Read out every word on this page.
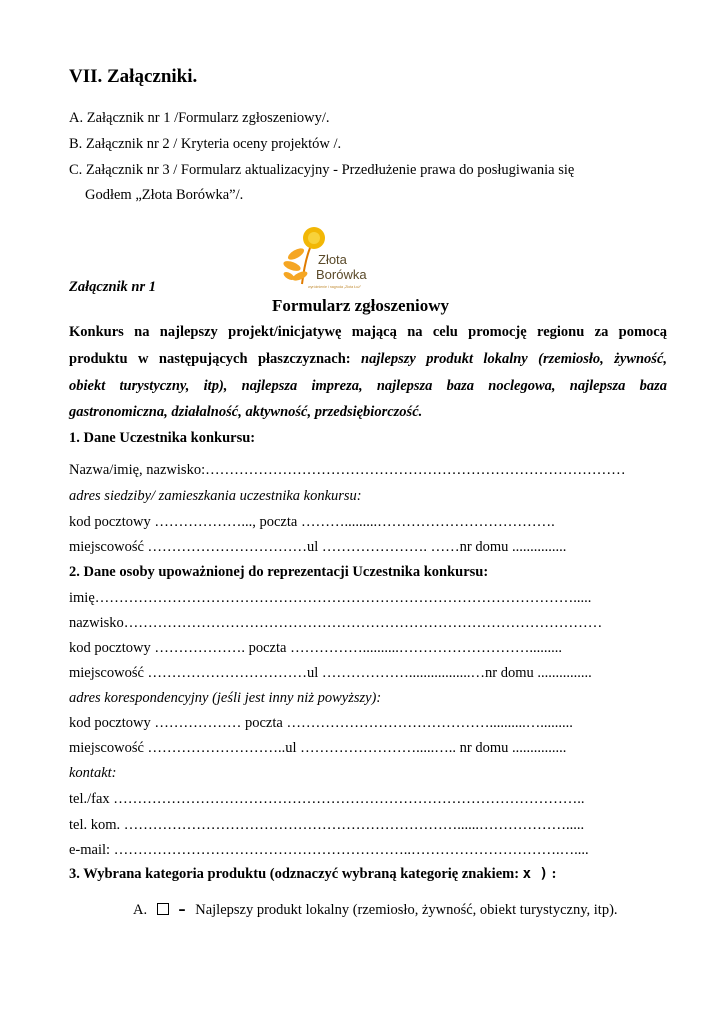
VII. Załączniki.
A. Załącznik nr 1 /Formularz zgłoszeniowy/.
B. Załącznik nr 2 / Kryteria oceny projektów /.
C. Załącznik nr 3 / Formularz aktualizacyjny - Przedłużenie prawa do posługiwania się
Godłem „Złota Borówka”/.
Złota
Borówka
wyróżnienie i nagroda „Złota Łuż”
Załącznik nr 1
Formularz zgłoszeniowy
Konkurs na najlepszy projekt/inicjatywę mającą na celu promocję regionu za pomocą
produktu w następujących płaszczyznach: najlepszy produkt lokalny (rzemiosło, żywność,
obiekt turystyczny, itp), najlepsza impreza, najlepsza baza noclegowa, najlepsza baza
gastronomiczna, działalność, aktywność, przedsiębiorczość.
1. Dane Uczestnika konkursu:
Nazwa/imię, nazwisko:……………………………………………………………………………
adres siedziby/ zamieszkania uczestnika konkursu:
kod pocztowy ………………..., poczta ……….........……………………………….
miejscowość ……………………………ul …………………. ……nr domu ...............
2. Dane osoby upoważnionej do reprezentacji Uczestnika konkursu:
imię……………………………………………………………………………………….....
nazwisko………………………………………………………………………………………
kod pocztowy ………………. poczta ……………..........……………………….........
miejscowość ……………………………ul ……………….................…nr domu ...............
adres korespondencyjny (jeśli jest inny niż powyższy):
kod pocztowy ……………… poczta ……………………………………..........….........
miejscowość ………………………..ul …………………….....….. nr domu ...............
kontakt:
tel./fax ……………………………………………………………………………………..
tel. kom. ……………………………………………………………......……………….....
e-mail: ……………………………………………………..………………………….…....
3. Wybrana kategoria produktu (odznaczyć wybraną kategorię znakiem: x ) :
A. – Najlepszy produkt lokalny (rzemiosło, żywność, obiekt turystyczny, itp).
